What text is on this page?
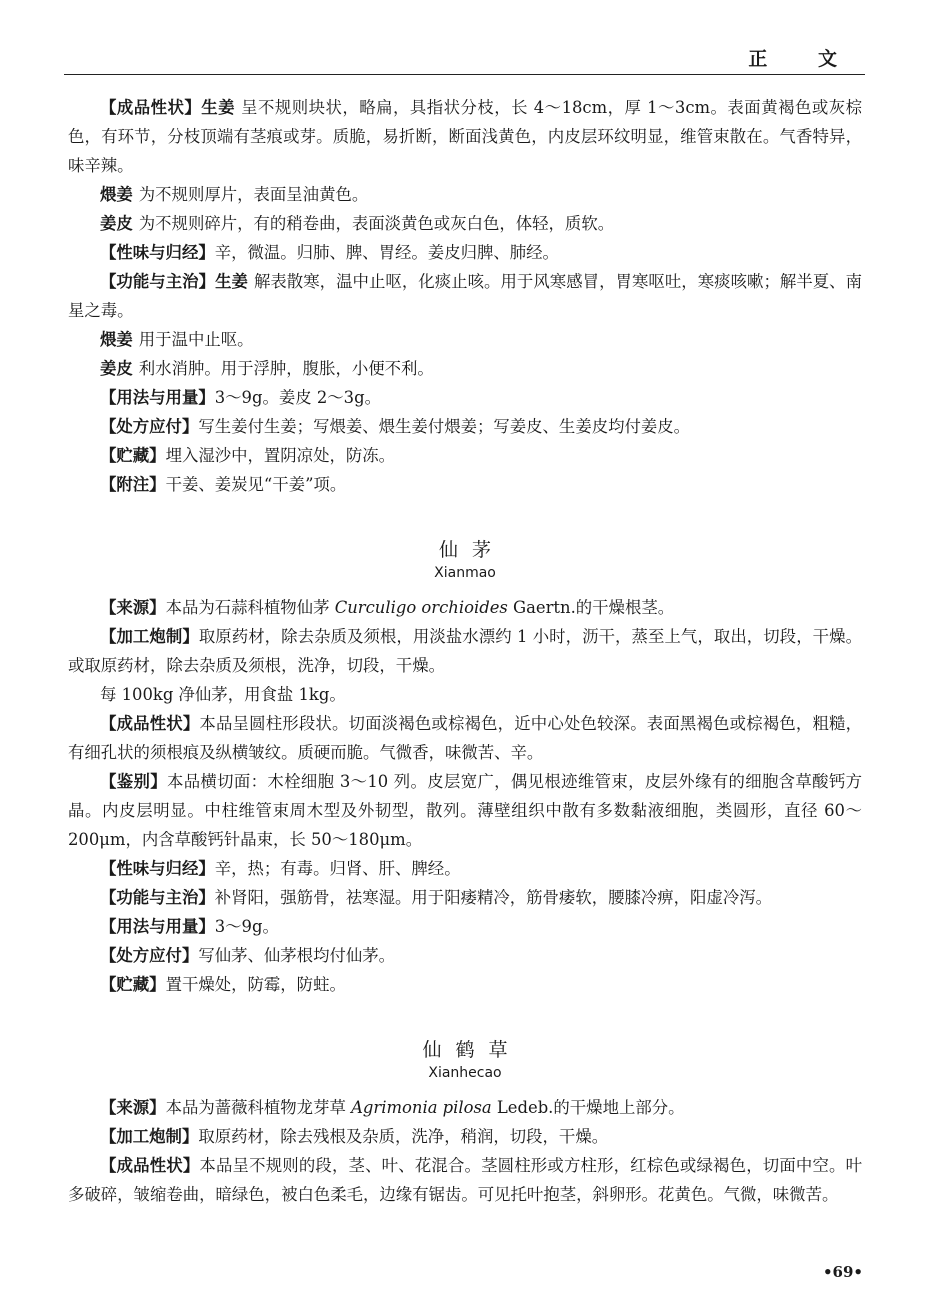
正 文

【成品性状】生姜 呈不规则块状，略扁，具指状分枝，长 4～18cm，厚 1～3cm。表面黄褐色或灰棕色，有环节，分枝顶端有茎痕或芽。质脆，易折断，断面浅黄色，内皮层环纹明显，维管束散在。气香特异，味辛辣。

煨姜 为不规则厚片，表面呈油黄色。

姜皮 为不规则碎片，有的稍卷曲，表面淡黄色或灰白色，体轻，质软。

【性味与归经】辛，微温。归肺、脾、胃经。姜皮归脾、肺经。

【功能与主治】生姜 解表散寒，温中止呕，化痰止咳。用于风寒感冒，胃寒呕吐，寒痰咳嗽；解半夏、南星之毒。

煨姜 用于温中止呕。

姜皮 利水消肿。用于浮肿，腹胀，小便不利。

【用法与用量】3～9g。姜皮 2～3g。

【处方应付】写生姜付生姜；写煨姜、煨生姜付煨姜；写姜皮、生姜皮均付姜皮。

【贮藏】埋入湿沙中，置阴凉处，防冻。

【附注】干姜、姜炭见“干姜”项。

仙茅
Xianmao

【来源】本品为石蒜科植物仙茅 Curculigo orchioides Gaertn.的干燥根茎。

【加工炮制】取原药材，除去杂质及须根，用淡盐水漂约 1 小时，沥干，蒸至上气，取出，切段，干燥。或取原药材，除去杂质及须根，洗净，切段，干燥。

每 100kg 净仙茅，用食盐 1kg。

【成品性状】本品呈圆柱形段状。切面淡褐色或棕褐色，近中心处色较深。表面黑褐色或棕褐色，粗糙，有细孔状的须根痕及纵横皱纹。质硬而脆。气微香，味微苦、辛。

【鉴别】本品横切面：木栓细胞 3～10 列。皮层宽广，偶见根迹维管束，皮层外缘有的细胞含草酸钙方晶。内皮层明显。中柱维管束周木型及外韧型，散列。薄壁组织中散有多数黏液细胞，类圆形，直径 60～200μm，内含草酸钙针晶束，长 50～180μm。

【性味与归经】辛，热；有毒。归肾、肝、脾经。

【功能与主治】补肾阳，强筋骨，祛寒湿。用于阳痿精冷，筋骨痿软，腰膝冷痹，阳虚冷泻。

【用法与用量】3～9g。

【处方应付】写仙茅、仙茅根均付仙茅。

【贮藏】置干燥处，防霉，防蛀。

仙鹤草
Xianhecao

【来源】本品为蔷薇科植物龙芽草 Agrimonia pilosa Ledeb.的干燥地上部分。

【加工炮制】取原药材，除去残根及杂质，洗净，稍润，切段，干燥。

【成品性状】本品呈不规则的段，茎、叶、花混合。茎圆柱形或方柱形，红棕色或绿褐色，切面中空。叶多破碎，皱缩卷曲，暗绿色，被白色柔毛，边缘有锯齿。可见托叶抱茎，斜卵形。花黄色。气微，味微苦。

•69•
